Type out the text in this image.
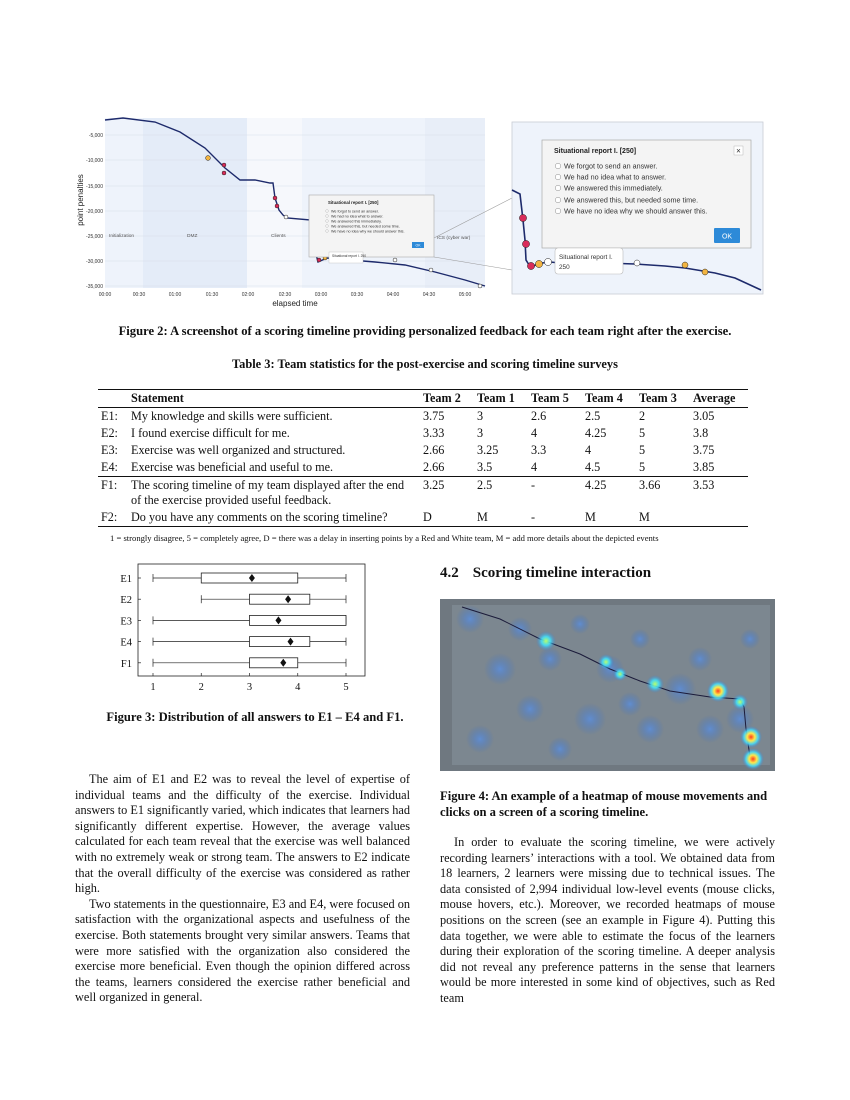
-5,000
-10,000
-15,000
-20,000
-25,000
-30,000
-35,000
point penalties
00:00	00:30	01:00	01:30	02:00	02:30	03:00	03:30	04:00	04:30	05:00
elapsed time
Initialization	DMZ	Clients	ICS (cyber war)
Situational report I. [250]
We forgot to send an answer.
We had no idea what to answer.
We answered this immediately.
We answered this, but needed some time.
We have no idea why we should answer this.
OK
Situational report I. 250
Situational report I. [250]	×
We forgot to send an answer.
We had no idea what to answer.
We answered this immediately.
We answered this, but needed some time.
We have no idea why we should answer this.
OK
Situational report I.
250
Figure 2: A screenshot of a scoring timeline providing personalized feedback for each team right after the exercise.
Table 3: Team statistics for the post-exercise and scoring timeline surveys
	Statement	Team 2	Team 1	Team 5	Team 4	Team 3	Average
E1:	My knowledge and skills were sufficient.	3.75	3	2.6	2.5	2	3.05
E2:	I found exercise difficult for me.	3.33	3	4	4.25	5	3.8
E3:	Exercise was well organized and structured.	2.66	3.25	3.3	4	5	3.75
E4:	Exercise was beneficial and useful to me.	2.66	3.5	4	4.5	5	3.85
F1:	The scoring timeline of my team displayed after the end of the exercise provided useful feedback.	3.25	2.5	-	4.25	3.66	3.53
F2:	Do you have any comments on the scoring timeline?	D	M	-	M	M	
1 = strongly disagree, 5 = completely agree, D = there was a delay in inserting points by a Red and White team, M = add more details about the depicted events
E1
E2
E3
E4
F1
1	2	3	4	5
Figure 3: Distribution of all answers to E1 – E4 and F1.
4.2 Scoring timeline interaction
Figure 4: An example of a heatmap of mouse movements and clicks on a screen of a scoring timeline.

The aim of E1 and E2 was to reveal the level of expertise of individual teams and the difficulty of the exercise. Individual answers to E1 significantly varied, which indicates that learners had significantly different expertise. However, the average values calculated for each team reveal that the exercise was well balanced with no extremely weak or strong team. The answers to E2 indicate that the overall difficulty of the exercise was considered as rather high.

Two statements in the questionnaire, E3 and E4, were focused on satisfaction with the organizational aspects and usefulness of the exercise. Both statements brought very similar answers. Teams that were more satisfied with the organization also considered the exercise more beneficial. Even though the opinion differed across the teams, learners considered the exercise rather beneficial and well organized in general.

In order to evaluate the scoring timeline, we were actively recording learners’ interactions with a tool. We obtained data from 18 learners, 2 learners were missing due to technical issues. The data consisted of 2,994 individual low-level events (mouse clicks, mouse hovers, etc.). Moreover, we recorded heatmaps of mouse positions on the screen (see an example in Figure 4). Putting this data together, we were able to estimate the focus of the learners during their exploration of the scoring timeline. A deeper analysis did not reveal any preference patterns in the sense that learners would be more interested in some kind of objectives, such as Red team
